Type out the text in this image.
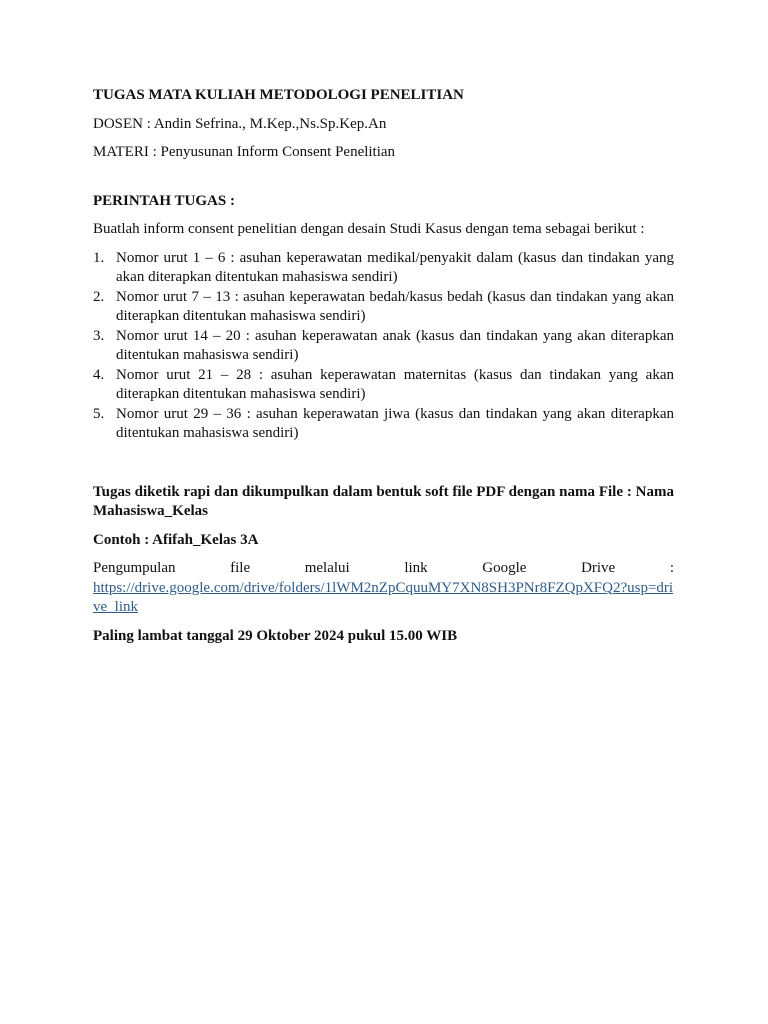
TUGAS MATA KULIAH METODOLOGI PENELITIAN

DOSEN : Andin Sefrina., M.Kep.,Ns.Sp.Kep.An

MATERI : Penyusunan Inform Consent Penelitian

PERINTAH TUGAS :

Buatlah inform consent penelitian dengan desain Studi Kasus dengan tema sebagai berikut :

1. Nomor urut 1 – 6 : asuhan keperawatan medikal/penyakit dalam (kasus dan tindakan yang akan diterapkan ditentukan mahasiswa sendiri)
2. Nomor urut 7 – 13 : asuhan keperawatan bedah/kasus bedah (kasus dan tindakan yang akan diterapkan ditentukan mahasiswa sendiri)
3. Nomor urut 14 – 20 : asuhan keperawatan anak (kasus dan tindakan yang akan diterapkan ditentukan mahasiswa sendiri)
4. Nomor urut 21 – 28 : asuhan keperawatan maternitas (kasus dan tindakan yang akan diterapkan ditentukan mahasiswa sendiri)
5. Nomor urut 29 – 36 : asuhan keperawatan jiwa (kasus dan tindakan yang akan diterapkan ditentukan mahasiswa sendiri)

Tugas diketik rapi dan dikumpulkan dalam bentuk soft file PDF dengan nama File : Nama Mahasiswa_Kelas

Contoh : Afifah_Kelas 3A

Pengumpulan	file	melalui	link	Google	Drive	:
https://drive.google.com/drive/folders/1lWM2nZpCquuMY7XN8SH3PNr8FZQpXFQ2?usp=drive_link

Paling lambat tanggal 29 Oktober 2024 pukul 15.00 WIB
